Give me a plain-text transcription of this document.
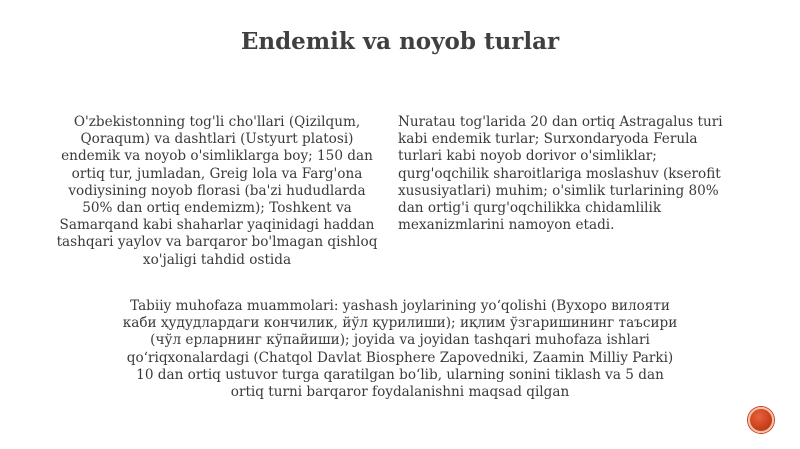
Endemik va noyob turlar

O'zbekistonning tog'li cho'llari (Qizilqum, Qoraqum) va dashtlari (Ustyurt platosi) endemik va noyob o'simliklarga boy; 150 dan ortiq tur, jumladan, Greig lola va Farg'ona vodiysining noyob florasi (ba'zi hududlarda 50% dan ortiq endemizm); Toshkent va Samarqand kabi shaharlar yaqinidagi haddan tashqari yaylov va barqaror bo'lmagan qishloq xo'jaligi tahdid ostida

Nuratau tog'larida 20 dan ortiq Astragalus turi kabi endemik turlar; Surxondaryoda Ferula turlari kabi noyob dorivor o'simliklar; qurg'oqchilik sharoitlariga moslashuv (kserofit xususiyatlari) muhim; o'simlik turlarining 80% dan ortig'i qurg'oqchilikka chidamlilik mexanizmlarini namoyon etadi.

Tabiiy muhofaza muammolari: yashash joylarining yo‘qolishi (Вухоро вилояти каби ҳудудлардаги кончилик, йўл қурилиши); иқлим ўзгаришининг таъсири (чўл ерларнинг кўпайиши); joyida va joyidan tashqari muhofaza ishlari qo‘riqxonalardagi (Chatqol Davlat Biosphere Zapovedniki, Zaamin Milliy Parki) 10 dan ortiq ustuvor turga qaratilgan bo‘lib, ularning sonini tiklash va 5 dan ortiq turni barqaror foydalanishni maqsad qilgan
